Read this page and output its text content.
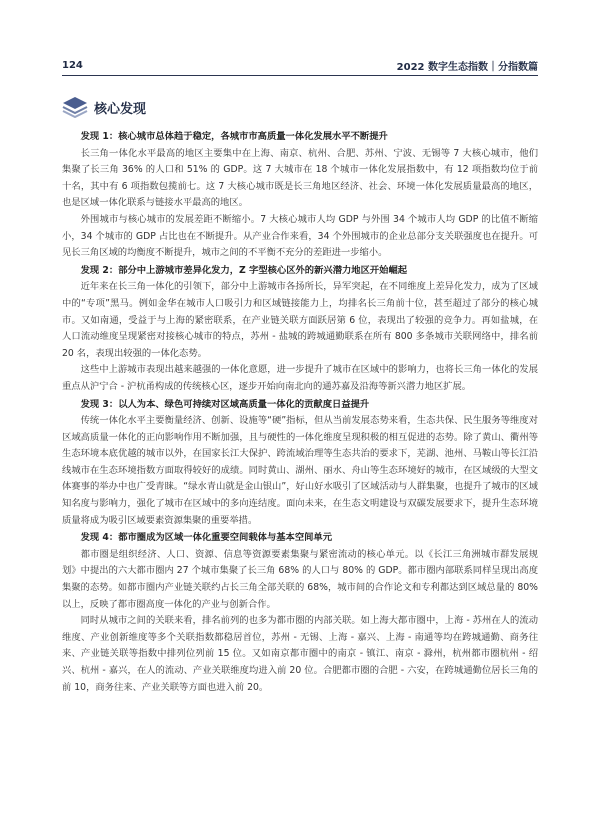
124	2022 数字生态指数｜分指数篇
核心发现

发现 1：核心城市总体趋于稳定，各城市市高质量一体化发展水平不断提升

长三角一体化水平最高的地区主要集中在上海、南京、杭州、合肥、苏州、宁波、无锡等 7 大核心城市，他们集聚了长三角 36% 的人口和 51% 的 GDP。这 7 大城市在 18 个城市一体化发展指数中，有 12 项指数均位于前十名，其中有 6 项指数包揽前七。这 7 大核心城市既是长三角地区经济、社会、环境一体化发展质量最高的地区，也是区域一体化联系与链接水平最高的地区。

外围城市与核心城市的发展差距不断缩小。7 大核心城市人均 GDP 与外围 34 个城市人均 GDP 的比值不断缩小，34 个城市的 GDP 占比也在不断提升。从产业合作来看，34 个外围城市的企业总部分支关联强度也在提升。可见长三角区域的均衡度不断提升，城市之间的不平衡不充分的差距进一步缩小。

发现 2：部分中上游城市差异化发力，Z 字型核心区外的新兴潜力地区开始崛起

近年来在长三角一体化的引领下，部分中上游城市各扬所长，异军突起，在不同维度上差异化发力，成为了区域中的“专项”黑马。例如金华在城市人口吸引力和区域链接能力上，均排名长三角前十位，甚至超过了部分的核心城市。又如南通，受益于与上海的紧密联系，在产业链关联方面跃居第 6 位，表现出了较强的竞争力。再如盐城，在人口流动维度呈现紧密对接核心城市的特点，苏州 - 盐城的跨城通勤联系在所有 800 多条城市关联网络中，排名前 20 名，表现出较强的一体化态势。

这些中上游城市表现出越来越强的一体化意愿，进一步提升了城市在区域中的影响力，也将长三角一体化的发展重点从沪宁合 - 沪杭甬构成的传统核心区，逐步开始向南北向的通苏嘉及沿海等新兴潜力地区扩展。

发现 3：以人为本、绿色可持续对区域高质量一体化的贡献度日益提升

传统一体化水平主要衡量经济、创新、设施等“硬”指标，但从当前发展态势来看，生态共保、民生服务等维度对区域高质量一体化的正向影响作用不断加强，且与硬性的一体化维度呈现积极的相互促进的态势。除了黄山、衢州等生态环境本底优越的城市以外，在国家长江大保护、跨流域治理等生态共治的要求下，芜湖、池州、马鞍山等长江沿线城市在生态环境指数方面取得较好的成绩。同时黄山、湖州、丽水、舟山等生态环境好的城市，在区域级的大型文体赛事的举办中也广受青睐。“绿水青山就是金山银山”，好山好水吸引了区域活动与人群集聚，也提升了城市的区域知名度与影响力，强化了城市在区域中的多向连结度。面向未来，在生态文明建设与双碳发展要求下，提升生态环境质量将成为吸引区域要素资源集聚的重要举措。

发现 4：都市圈成为区域一体化重要空间载体与基本空间单元

都市圈是组织经济、人口、资源、信息等资源要素集聚与紧密流动的核心单元。以《长江三角洲城市群发展规划》中提出的六大都市圈内 27 个城市集聚了长三角 68% 的人口与 80% 的 GDP。都市圈内部联系同样呈现出高度集聚的态势。如都市圈内产业链关联约占长三角全部关联的 68%，城市间的合作论文和专利都达到区域总量的 80% 以上，反映了都市圈高度一体化的产业与创新合作。

同时从城市之间的关联来看，排名前列的也多为都市圈的内部关联。如上海大都市圈中，上海 - 苏州在人的流动维度、产业创新维度等多个关联指数都稳居首位，苏州 - 无锡、上海 - 嘉兴、上海 - 南通等均在跨城通勤、商务往来、产业链关联等指数中排列位列前 15 位。又如南京都市圈中的南京 - 镇江、南京 - 滁州，杭州都市圈杭州 - 绍兴、杭州 - 嘉兴，在人的流动、产业关联维度均进入前 20 位。合肥都市圈的合肥 - 六安，在跨城通勤位居长三角的前 10，商务往来、产业关联等方面也进入前 20。
